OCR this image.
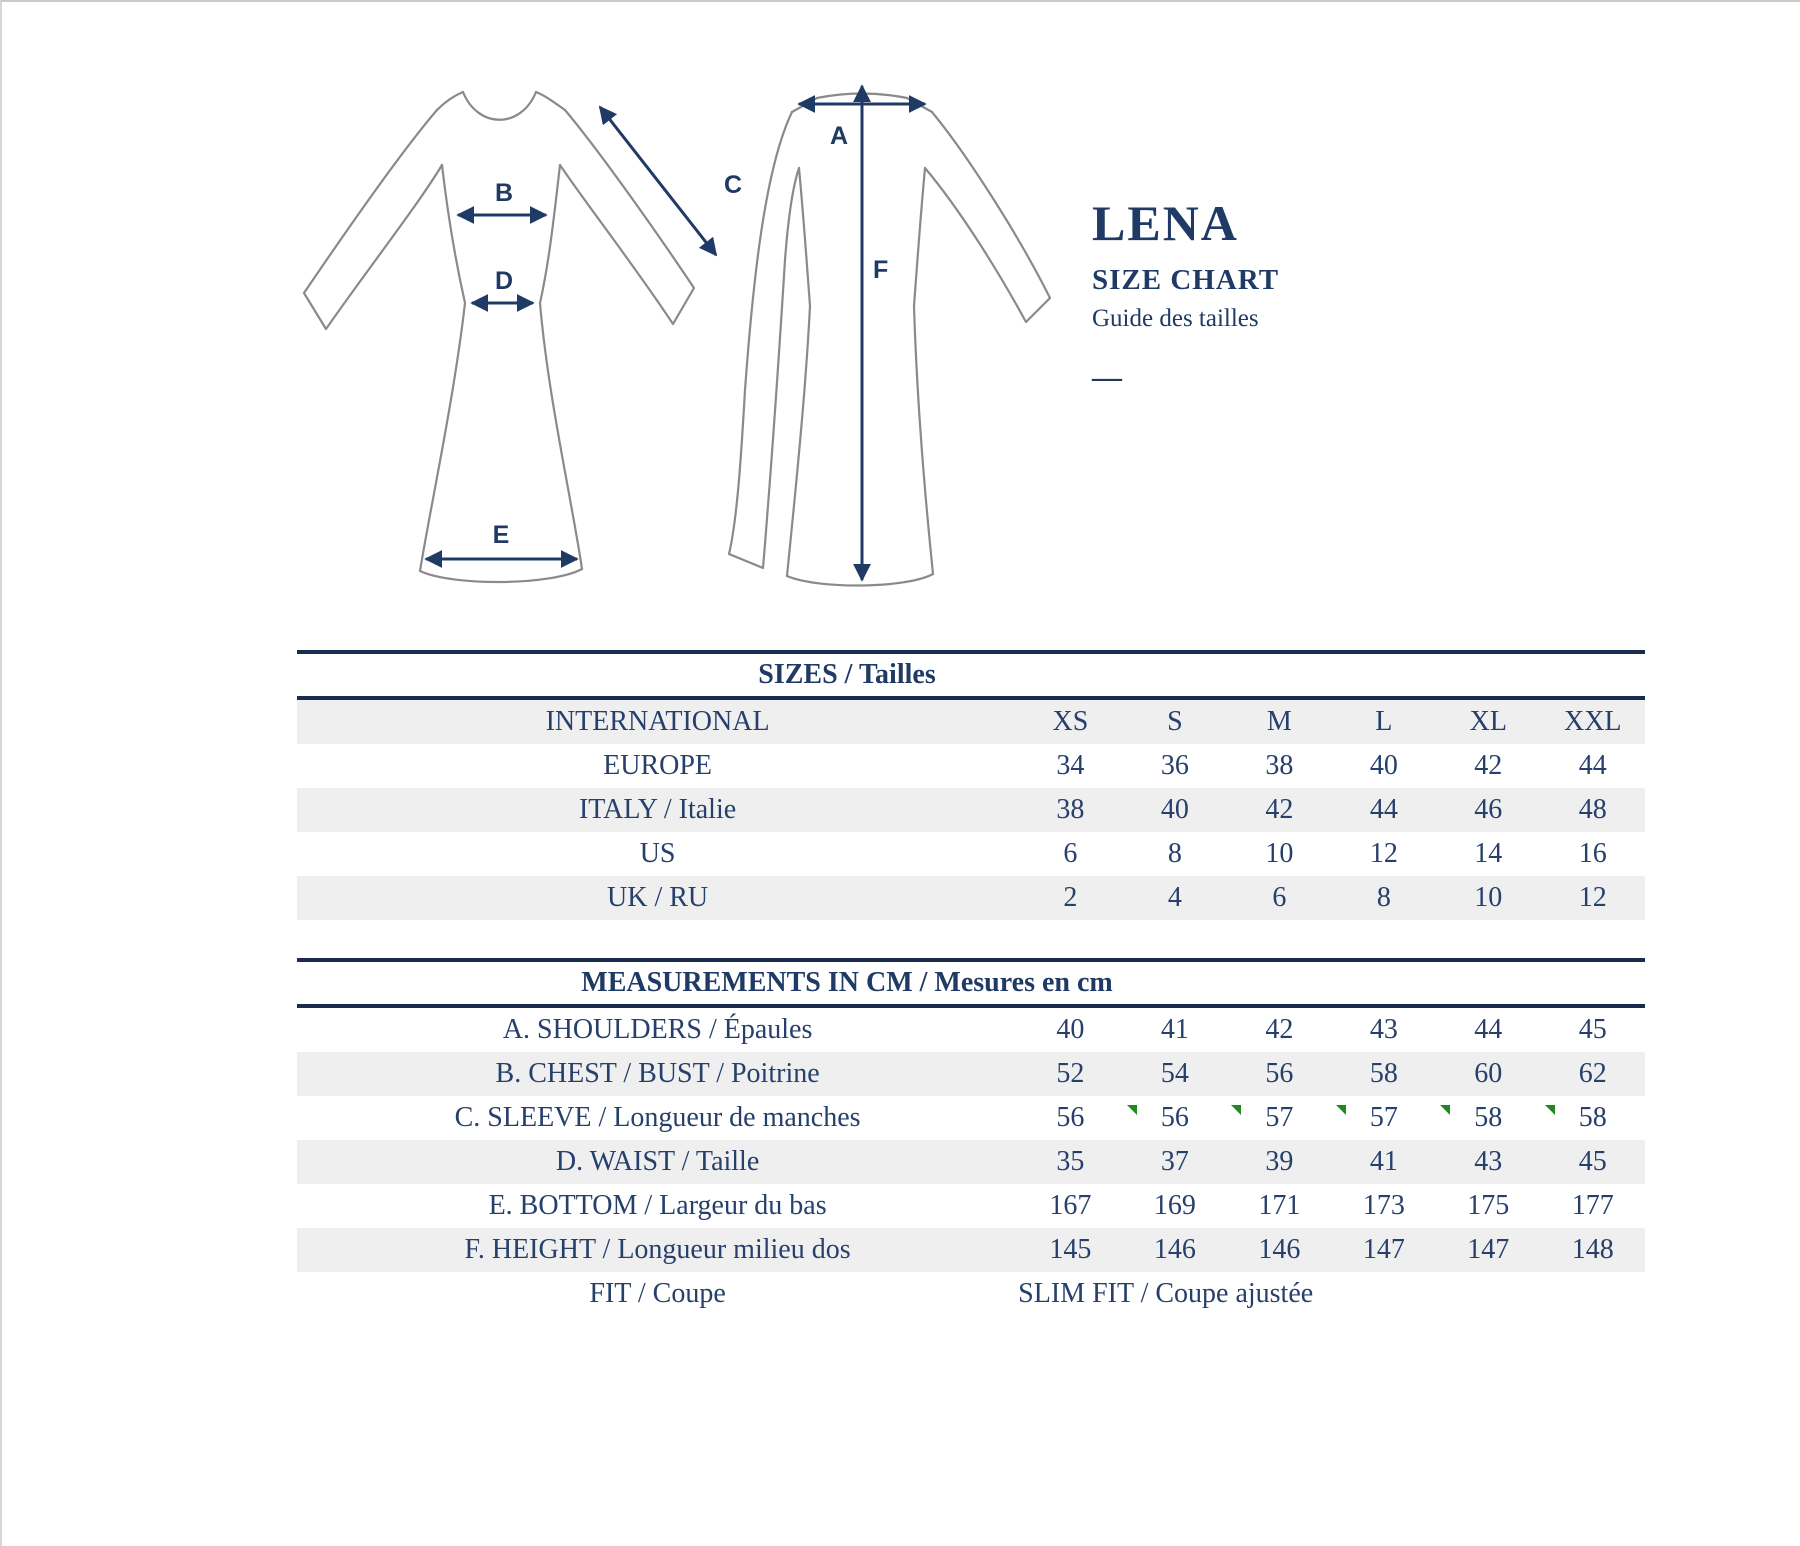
B
D
E
C
A
F
LENA
SIZE CHART
Guide des tailles
—
SIZES / Tailles
INTERNATIONAL	XS	S	M	L	XL	XXL
EUROPE	34	36	38	40	42	44
ITALY / Italie	38	40	42	44	46	48
US	6	8	10	12	14	16
UK / RU	2	4	6	8	10	12
MEASUREMENTS IN CM / Mesures en cm
A. SHOULDERS / Épaules	40	41	42	43	44	45
B. CHEST / BUST / Poitrine	52	54	56	58	60	62
C. SLEEVE / Longueur de manches	56	56	57	57	58	58
D. WAIST / Taille	35	37	39	41	43	45
E. BOTTOM / Largeur du bas	167	169	171	173	175	177
F. HEIGHT / Longueur milieu dos	145	146	146	147	147	148
FIT / Coupe	SLIM FIT / Coupe ajustée
